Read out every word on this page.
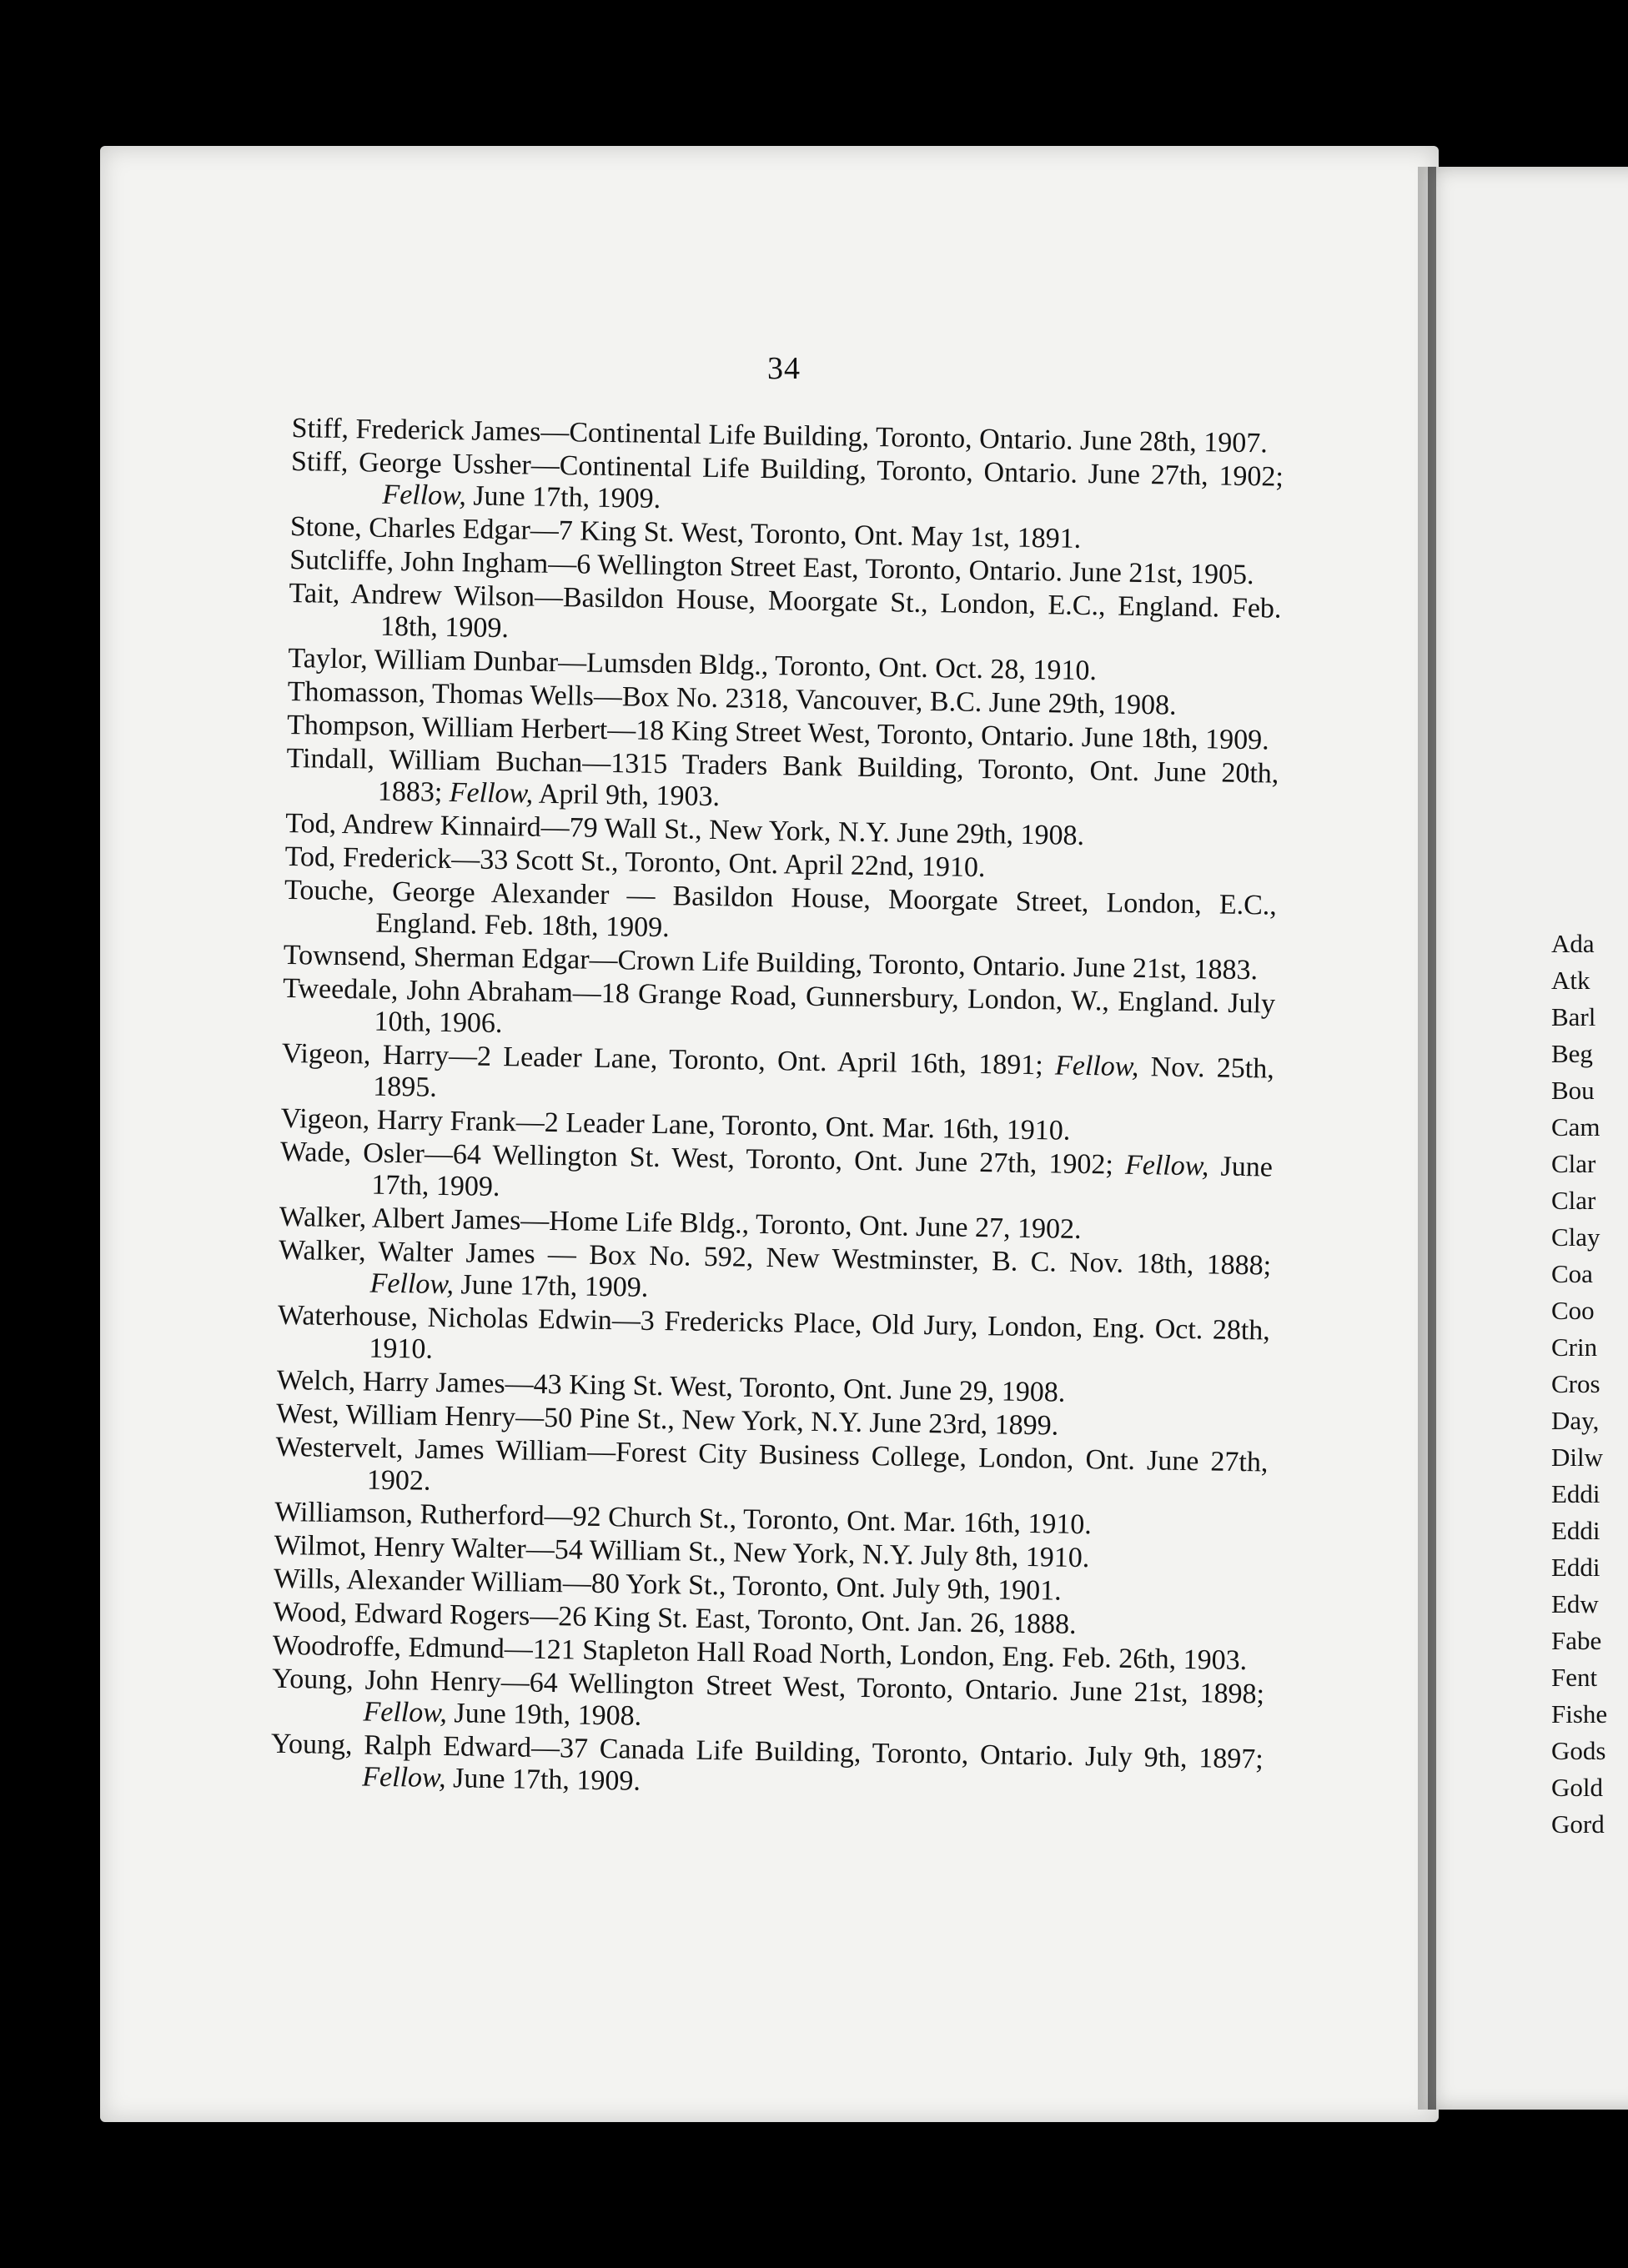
34

Stiff, Frederick James—Continental Life Building, Toronto, Ontario. June 28th, 1907.

Stiff, George Ussher—Continental Life Building, Toronto, Ontario. June 27th, 1902; Fellow, June 17th, 1909.

Stone, Charles Edgar—7 King St. West, Toronto, Ont. May 1st, 1891.

Sutcliffe, John Ingham—6 Wellington Street East, Toronto, Ontario. June 21st, 1905.

Tait, Andrew Wilson—Basildon House, Moorgate St., London, E.C., England. Feb. 18th, 1909.

Taylor, William Dunbar—Lumsden Bldg., Toronto, Ont. Oct. 28, 1910.

Thomasson, Thomas Wells—Box No. 2318, Vancouver, B.C. June 29th, 1908.

Thompson, William Herbert—18 King Street West, Toronto, Ontario. June 18th, 1909.

Tindall, William Buchan—1315 Traders Bank Building, Toronto, Ont. June 20th, 1883; Fellow, April 9th, 1903.

Tod, Andrew Kinnaird—79 Wall St., New York, N.Y. June 29th, 1908.

Tod, Frederick—33 Scott St., Toronto, Ont. April 22nd, 1910.

Touche, George Alexander — Basildon House, Moorgate Street, London, E.C., England. Feb. 18th, 1909.

Townsend, Sherman Edgar—Crown Life Building, Toronto, Ontario. June 21st, 1883.

Tweedale, John Abraham—18 Grange Road, Gunnersbury, London, W., England. July 10th, 1906.

Vigeon, Harry—2 Leader Lane, Toronto, Ont. April 16th, 1891; Fellow, Nov. 25th, 1895.

Vigeon, Harry Frank—2 Leader Lane, Toronto, Ont. Mar. 16th, 1910.

Wade, Osler—64 Wellington St. West, Toronto, Ont. June 27th, 1902; Fellow, June 17th, 1909.

Walker, Albert James—Home Life Bldg., Toronto, Ont. June 27, 1902.

Walker, Walter James — Box No. 592, New Westminster, B. C. Nov. 18th, 1888; Fellow, June 17th, 1909.

Waterhouse, Nicholas Edwin—3 Fredericks Place, Old Jury, London, Eng. Oct. 28th, 1910.

Welch, Harry James—43 King St. West, Toronto, Ont. June 29, 1908.

West, William Henry—50 Pine St., New York, N.Y. June 23rd, 1899.

Westervelt, James William—Forest City Business College, London, Ont. June 27th, 1902.

Williamson, Rutherford—92 Church St., Toronto, Ont. Mar. 16th, 1910.

Wilmot, Henry Walter—54 William St., New York, N.Y. July 8th, 1910.

Wills, Alexander William—80 York St., Toronto, Ont. July 9th, 1901.

Wood, Edward Rogers—26 King St. East, Toronto, Ont. Jan. 26, 1888.

Woodroffe, Edmund—121 Stapleton Hall Road North, London, Eng. Feb. 26th, 1903.

Young, John Henry—64 Wellington Street West, Toronto, Ontario. June 21st, 1898; Fellow, June 19th, 1908.

Young, Ralph Edward—37 Canada Life Building, Toronto, Ontario. July 9th, 1897; Fellow, June 17th, 1909.

Ada
Atk
Barl
Beg
Bou
Cam
Clar
Clar
Clay
Coa
Coo
Crin
Cros
Day,
Dilw
Eddi
Eddi
Eddi
Edw
Fabe
Fent
Fishe
Gods
Gold
Gord
